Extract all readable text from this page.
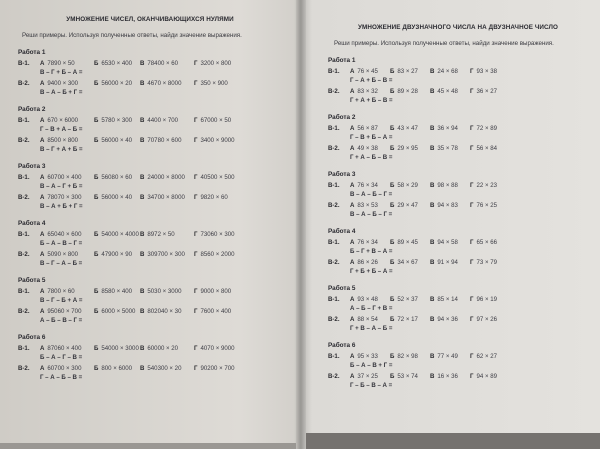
УМНОЖЕНИЕ ЧИСЕЛ, ОКАНЧИВАЮЩИХСЯ НУЛЯМИ
Реши примеры. Используя полученные ответы, найди значение выражения.
Работа 1
В-1.	А 7890 × 50	Б 6530 × 400 В 78400 × 60	Г 3200 × 800
В – Г + Б – А =
В-2.	А 9400 × 300	Б 56000 × 20 В 4670 × 8000 Г 350 × 900
В – А – Б + Г =
Работа 2
В-1.	А 670 × 6000	Б 5780 × 300 В 4400 × 700	Г 67000 × 50
Г – В + А – Б =
В-2.	А 8500 × 800	Б 56000 × 40 В 70780 × 600 Г 3400 × 9000
В – Г + А + Б =
Работа 3
В-1.	А 60700 × 400 Б 56080 × 60 В 24000 × 8000 Г 40500 × 500
В – А – Г + Б =
В-2.	А 78070 × 300 Б 56000 × 40 В 34700 × 8000 Г 9820 × 60
В – А + Б + Г =
Работа 4
В-1.	А 65040 × 600 Б 54000 × 4000 В 8972 × 50	Г 73060 × 300
Б – А – В – Г =
В-2.	А 5090 × 800	Б 47900 × 90 В 309700 × 300 Г 8560 × 2000
В – Г – А – Б =
Работа 5
В-1.	А 7800 × 60	Б 8580 × 400 В 5030 × 3000 Г 9000 × 800
В – Г – Б + А =
В-2.	А 95060 × 700 Б 6000 × 5000 В 802040 × 30 Г 7600 × 400
А – Б – В – Г =
Работа 6
В-1.	А 87060 × 400 Б 54000 × 3000 В 60000 × 20	Г 4070 × 9000
Б – А – Г – В =
В-2.	А 60700 × 300 Б 800 × 6000 В 540300 × 20 Г 90200 × 700
Г – А – Б – В =
УМНОЖЕНИЕ ДВУЗНАЧНОГО ЧИСЛА НА ДВУЗНАЧНОЕ ЧИСЛО
Реши примеры. Используя полученные ответы, найди значение выражения.
Работа 1
В-1.	А 76 × 45 Б 83 × 27 В 24 × 68 Г 93 × 38
Г – А + Б – В =
В-2.	А 83 × 32 Б 89 × 28 В 45 × 48 Г 36 × 27
Г + А + Б – В =
Работа 2
В-1.	А 56 × 87 Б 43 × 47 В 36 × 94 Г 72 × 89
Г – В + Б – А =
В-2.	А 49 × 38 Б 29 × 95 В 35 × 78 Г 56 × 84
Г + А – Б – В =
Работа 3
В-1.	А 76 × 34 Б 58 × 29 В 98 × 88 Г 22 × 23
В – А – Б – Г =
В-2.	А 83 × 53 Б 29 × 47 В 94 × 83 Г 76 × 25
В – А – Б – Г =
Работа 4
В-1.	А 76 × 34 Б 89 × 45 В 94 × 58 Г 65 × 66
Б – Г + В – А =
В-2.	А 86 × 26 Б 34 × 67 В 91 × 94 Г 73 × 79
Г + Б + Б – А =
Работа 5
В-1.	А 93 × 48 Б 52 × 37 В 85 × 14 Г 96 × 19
А – Б – Г + В =
В-2.	А 88 × 54 Б 72 × 17 В 94 × 36 Г 97 × 26
Г + В – А – Б =
Работа 6
В-1.	А 95 × 33 Б 82 × 98 В 77 × 49 Г 62 × 27
Б – А – В + Г =
В-2.	А 37 × 25 Б 53 × 74 В 16 × 36 Г 94 × 89
Г – Б – В – А =
